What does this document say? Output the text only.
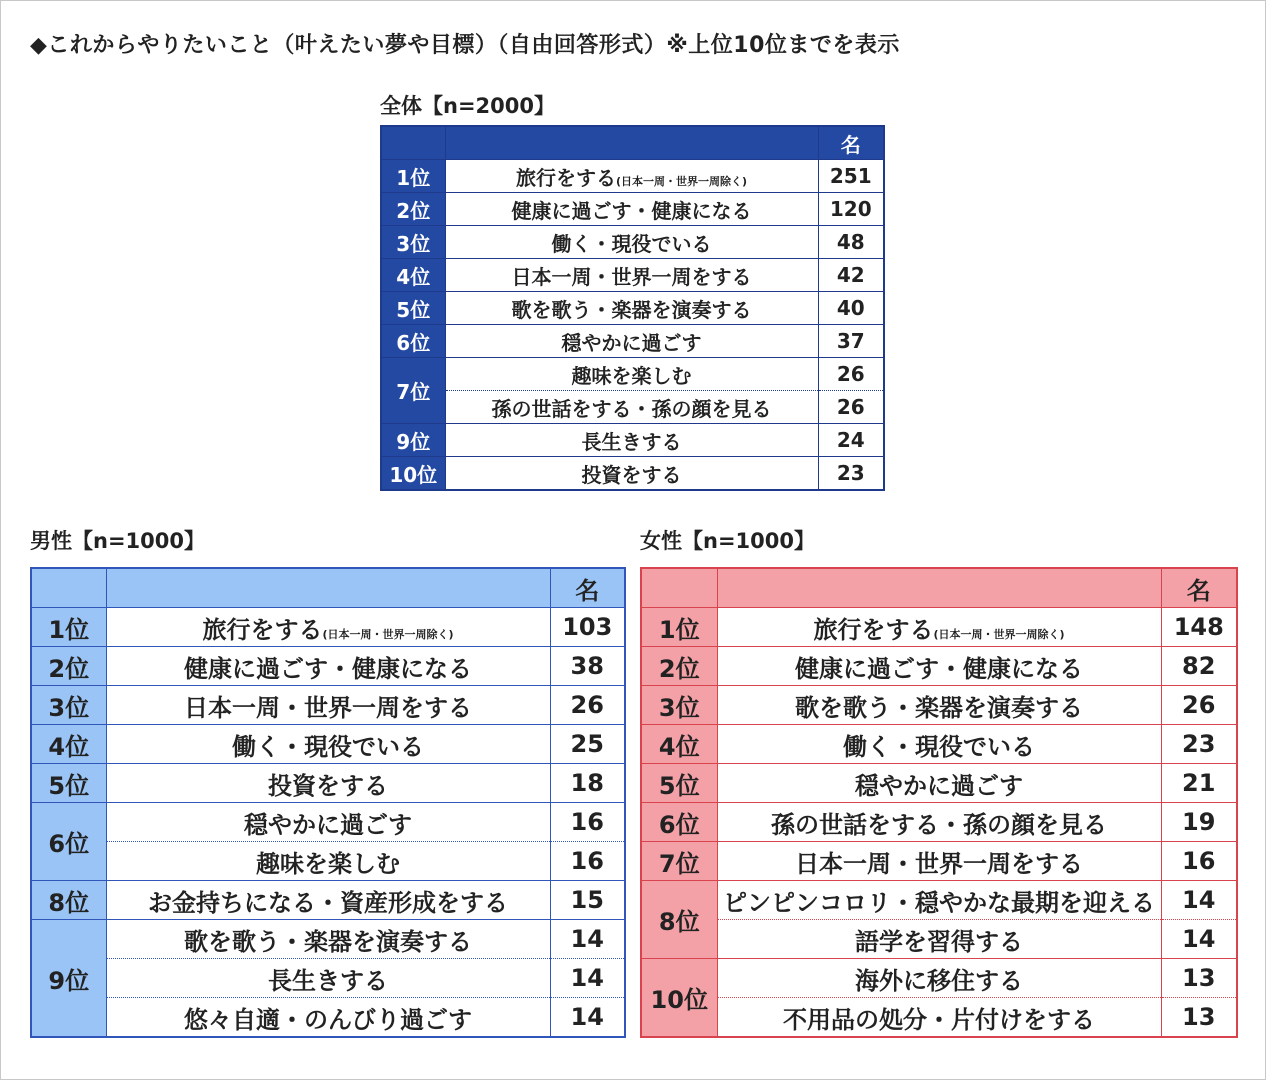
◆これからやりたいこと（叶えたい夢や目標）（自由回答形式）※上位10位までを表示
全体【n=2000】
		名
1位	旅行をする(日本一周・世界一周除く)	251
2位	健康に過ごす・健康になる	120
3位	働く・現役でいる	48
4位	日本一周・世界一周をする	42
5位	歌を歌う・楽器を演奏する	40
6位	穏やかに過ごす	37
7位	趣味を楽しむ	26
	孫の世話をする・孫の顔を見る	26
9位	長生きする	24
10位	投資をする	23
男性【n=1000】
		名
1位	旅行をする(日本一周・世界一周除く)	103
2位	健康に過ごす・健康になる	38
3位	日本一周・世界一周をする	26
4位	働く・現役でいる	25
5位	投資をする	18
6位	穏やかに過ごす	16
	趣味を楽しむ	16
8位	お金持ちになる・資産形成をする	15
9位	歌を歌う・楽器を演奏する	14
	長生きする	14
	悠々自適・のんびり過ごす	14
女性【n=1000】
		名
1位	旅行をする(日本一周・世界一周除く)	148
2位	健康に過ごす・健康になる	82
3位	歌を歌う・楽器を演奏する	26
4位	働く・現役でいる	23
5位	穏やかに過ごす	21
6位	孫の世話をする・孫の顔を見る	19
7位	日本一周・世界一周をする	16
8位	ピンピンコロリ・穏やかな最期を迎える	14
	語学を習得する	14
10位	海外に移住する	13
	不用品の処分・片付けをする	13
